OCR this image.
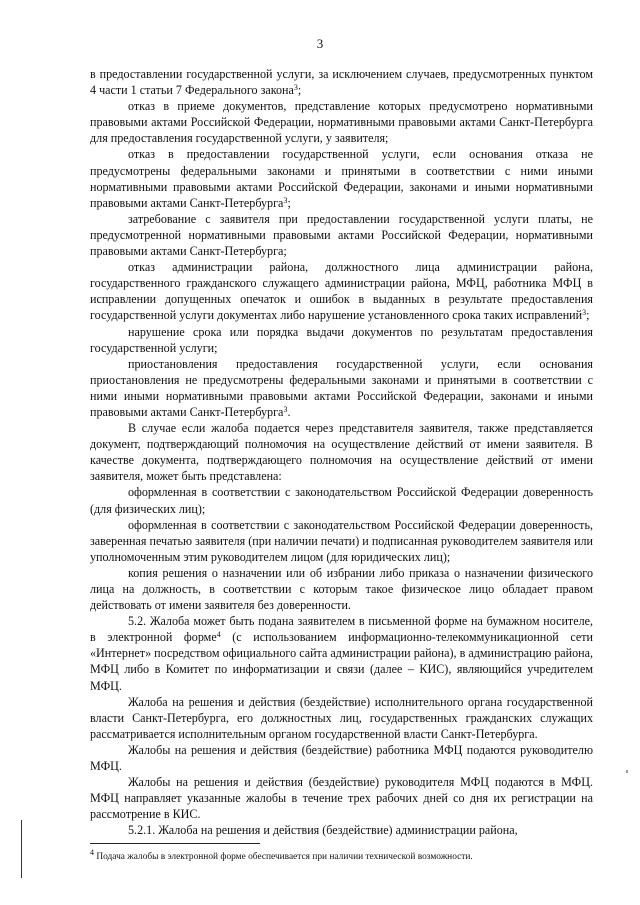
3

в предоставлении государственной услуги, за исключением случаев, предусмотренных пунктом 4 части 1 статьи 7 Федерального закона$^3$;

отказ в приеме документов, представление которых предусмотрено нормативными правовыми актами Российской Федерации, нормативными правовыми актами Санкт-Петербурга для предоставления государственной услуги, у заявителя;

отказ в предоставлении государственной услуги, если основания отказа не предусмотрены федеральными законами и принятыми в соответствии с ними иными нормативными правовыми актами Российской Федерации, законами и иными нормативными правовыми актами Санкт-Петербурга$^3$;

затребование с заявителя при предоставлении государственной услуги платы, не предусмотренной нормативными правовыми актами Российской Федерации, нормативными правовыми актами Санкт-Петербурга;

отказ администрации района, должностного лица администрации района, государственного гражданского служащего администрации района, МФЦ, работника МФЦ в исправлении допущенных опечаток и ошибок в выданных в результате предоставления государственной услуги документах либо нарушение установленного срока таких исправлений$^3$;

нарушение срока или порядка выдачи документов по результатам предоставления государственной услуги;

приостановления предоставления государственной услуги, если основания приостановления не предусмотрены федеральными законами и принятыми в соответствии с ними иными нормативными правовыми актами Российской Федерации, законами и иными правовыми актами Санкт-Петербурга$^3$.

В случае если жалоба подается через представителя заявителя, также представляется документ, подтверждающий полномочия на осуществление действий от имени заявителя. В качестве документа, подтверждающего полномочия на осуществление действий от имени заявителя, может быть представлена:

оформленная в соответствии с законодательством Российской Федерации доверенность (для физических лиц);

оформленная в соответствии с законодательством Российской Федерации доверенность, заверенная печатью заявителя (при наличии печати) и подписанная руководителем заявителя или уполномоченным этим руководителем лицом (для юридических лиц);

копия решения о назначении или об избрании либо приказа о назначении физического лица на должность, в соответствии с которым такое физическое лицо обладает правом действовать от имени заявителя без доверенности.

5.2. Жалоба может быть подана заявителем в письменной форме на бумажном носителе, в электронной форме$^4$ (с использованием информационно-телекоммуникационной сети «Интернет» посредством официального сайта администрации района), в администрацию района, МФЦ либо в Комитет по информатизации и связи (далее – КИС), являющийся учредителем МФЦ.

Жалоба на решения и действия (бездействие) исполнительного органа государственной власти Санкт-Петербурга, его должностных лиц, государственных гражданских служащих рассматривается исполнительным органом государственной власти Санкт-Петербурга.

Жалобы на решения и действия (бездействие) работника МФЦ подаются руководителю МФЦ.

Жалобы на решения и действия (бездействие) руководителя МФЦ подаются в МФЦ. МФЦ направляет указанные жалобы в течение трех рабочих дней со дня их регистрации на рассмотрение в КИС.

5.2.1. Жалоба на решения и действия (бездействие) администрации района,

$^4$ Подача жалобы в электронной форме обеспечивается при наличии технической возможности.
